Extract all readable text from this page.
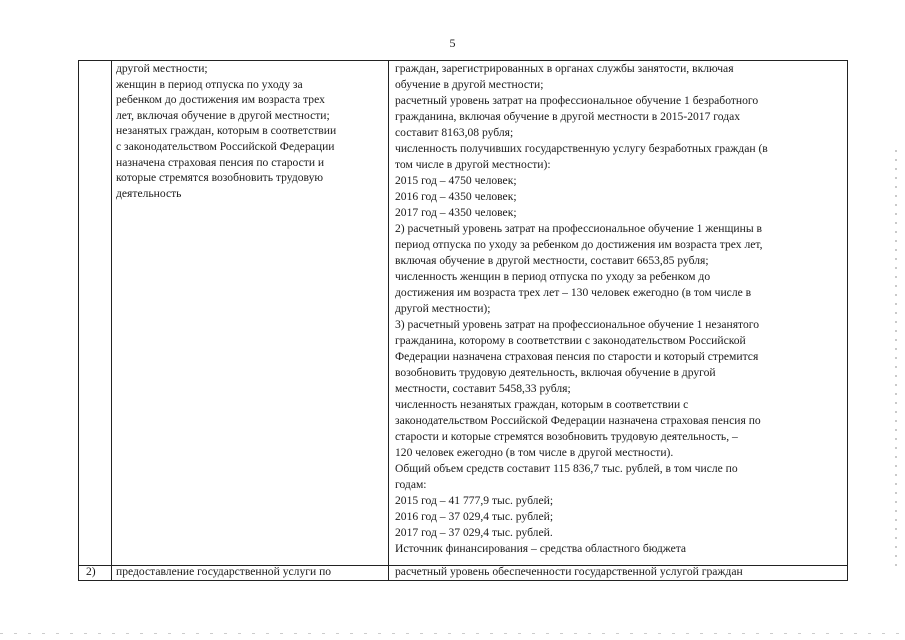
5
другой местности;
женщин в период отпуска по уходу за
ребенком до достижения им возраста трех
лет, включая обучение в другой местности;
незанятых граждан, которым в соответствии
с законодательством Российской Федерации
назначена страховая пенсия по старости и
которые стремятся возобновить трудовую
деятельность
граждан, зарегистрированных в органах службы занятости, включая
обучение в другой местности;
расчетный уровень затрат на профессиональное обучение 1 безработного
гражданина, включая обучение в другой местности в 2015-2017 годах
составит 8163,08 рубля;
численность получивших государственную услугу безработных граждан (в
том числе в другой местности):
2015 год – 4750 человек;
2016 год – 4350 человек;
2017 год – 4350 человек;
2) расчетный уровень затрат на профессиональное обучение 1 женщины в
период отпуска по уходу за ребенком до достижения им возраста трех лет,
включая обучение в другой местности, составит 6653,85 рубля;
численность женщин в период отпуска по уходу за ребенком до
достижения им возраста трех лет – 130 человек ежегодно (в том числе в
другой местности);
3) расчетный уровень затрат на профессиональное обучение 1 незанятого
гражданина, которому в соответствии с законодательством Российской
Федерации назначена страховая пенсия по старости и который стремится
возобновить трудовую деятельность, включая обучение в другой
местности, составит 5458,33 рубля;
численность незанятых граждан, которым в соответствии с
законодательством Российской Федерации назначена страховая пенсия по
старости и которые стремятся возобновить трудовую деятельность, –
120 человек ежегодно (в том числе в другой местности).
Общий объем средств составит 115 836,7 тыс. рублей, в том числе по
годам:
2015 год – 41 777,9 тыс. рублей;
2016 год – 37 029,4 тыс. рублей;
2017 год – 37 029,4 тыс. рублей.
Источник финансирования – средства областного бюджета
2) предоставление государственной услуги по	расчетный уровень обеспеченности государственной услугой граждан
